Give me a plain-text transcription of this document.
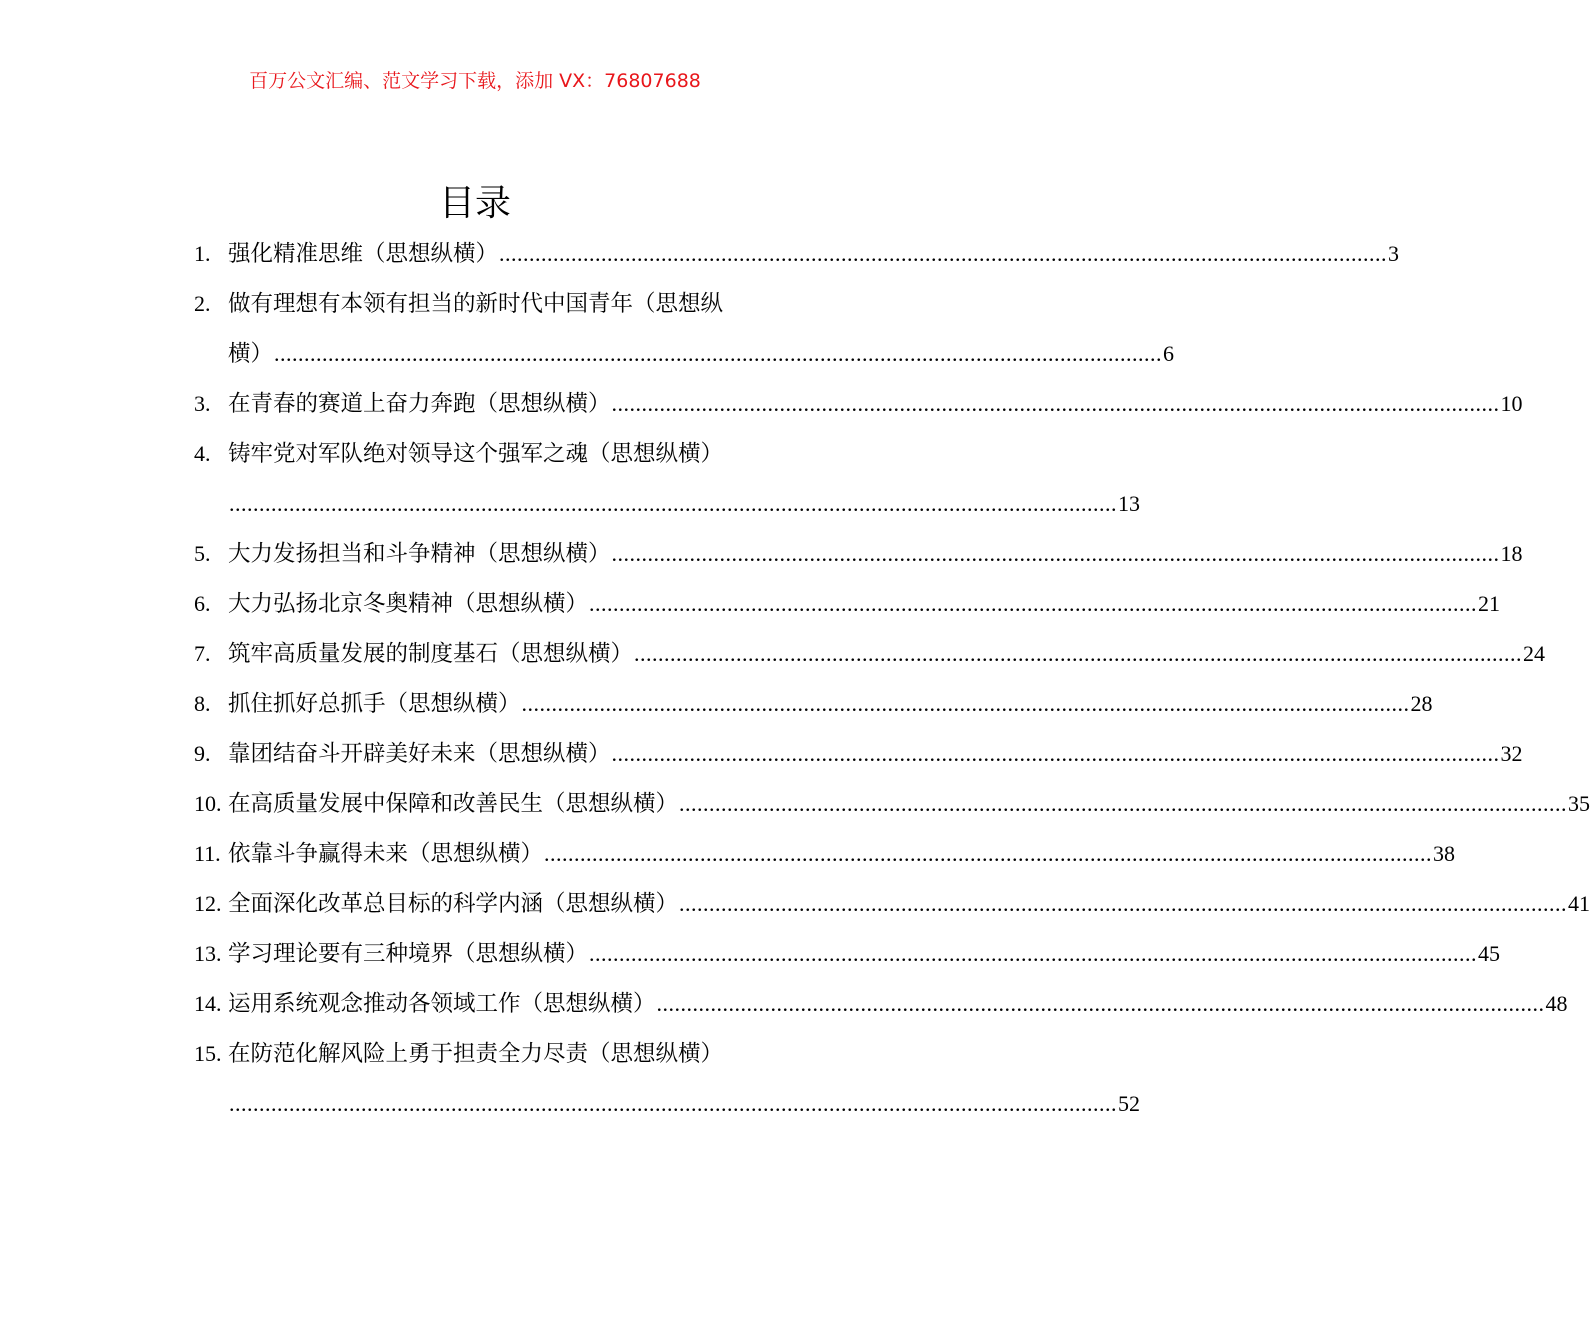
百万公文汇编、范文学习下载，添加 VX：76807688
目录
1. 强化精准思维（思想纵横） .................................................................................................................................................... 3
2. 做有理想有本领有担当的新时代中国青年（思想纵
横） .................................................................................................................................................... 6
3. 在青春的赛道上奋力奔跑（思想纵横） .................................................................................................................................................... 10
4. 铸牢党对军队绝对领导这个强军之魂（思想纵横）
.................................................................................................................................................... 13
5. 大力发扬担当和斗争精神（思想纵横） .................................................................................................................................................... 18
6. 大力弘扬北京冬奥精神（思想纵横） .................................................................................................................................................... 21
7. 筑牢高质量发展的制度基石（思想纵横） .................................................................................................................................................... 24
8. 抓住抓好总抓手（思想纵横） .................................................................................................................................................... 28
9. 靠团结奋斗开辟美好未来（思想纵横） .................................................................................................................................................... 32
10. 在高质量发展中保障和改善民生（思想纵横） .................................................................................................................................................... 35
11. 依靠斗争赢得未来（思想纵横） .................................................................................................................................................... 38
12. 全面深化改革总目标的科学内涵（思想纵横） .................................................................................................................................................... 41
13. 学习理论要有三种境界（思想纵横） .................................................................................................................................................... 45
14. 运用系统观念推动各领域工作（思想纵横） .................................................................................................................................................... 48
15. 在防范化解风险上勇于担责全力尽责（思想纵横）
.................................................................................................................................................... 52
